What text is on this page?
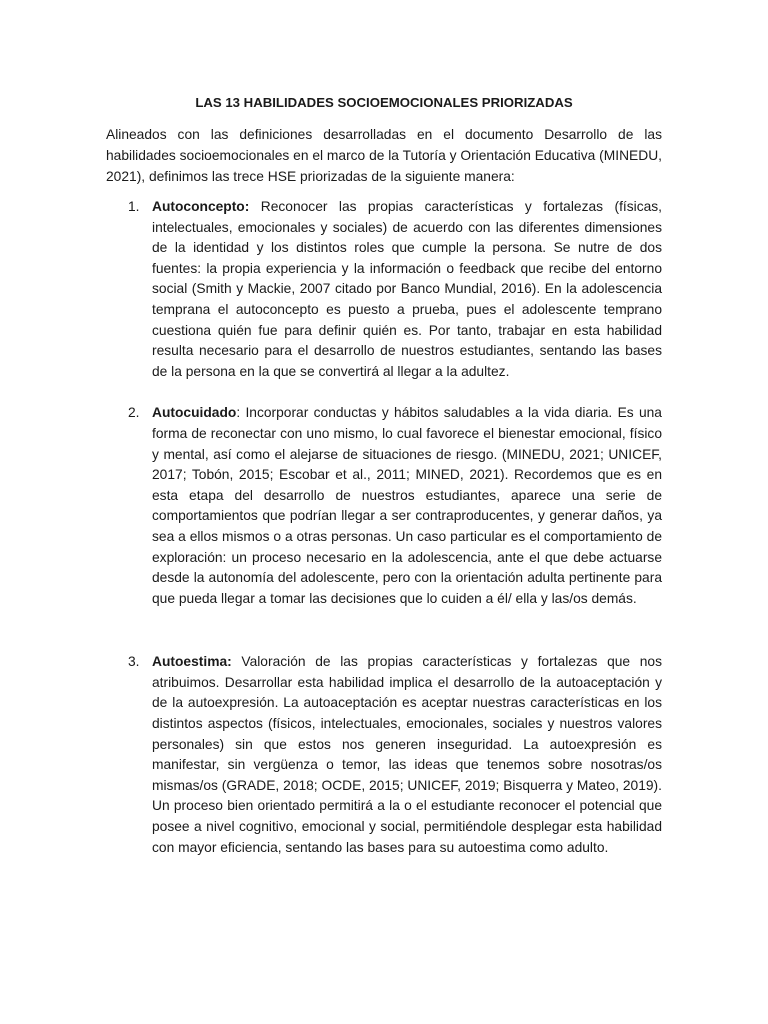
LAS 13 HABILIDADES SOCIOEMOCIONALES PRIORIZADAS

Alineados con las definiciones desarrolladas en el documento Desarrollo de las habilidades socioemocionales en el marco de la Tutoría y Orientación Educativa (MINEDU, 2021), definimos las trece HSE priorizadas de la siguiente manera:

1. Autoconcepto: Reconocer las propias características y fortalezas (físicas, intelectuales, emocionales y sociales) de acuerdo con las diferentes dimensiones de la identidad y los distintos roles que cumple la persona. Se nutre de dos fuentes: la propia experiencia y la información o feedback que recibe del entorno social (Smith y Mackie, 2007 citado por Banco Mundial, 2016). En la adolescencia temprana el autoconcepto es puesto a prueba, pues el adolescente temprano cuestiona quién fue para definir quién es. Por tanto, trabajar en esta habilidad resulta necesario para el desarrollo de nuestros estudiantes, sentando las bases de la persona en la que se convertirá al llegar a la adultez.
2. Autocuidado: Incorporar conductas y hábitos saludables a la vida diaria. Es una forma de reconectar con uno mismo, lo cual favorece el bienestar emocional, físico y mental, así como el alejarse de situaciones de riesgo. (MINEDU, 2021; UNICEF, 2017; Tobón, 2015; Escobar et al., 2011; MINED, 2021). Recordemos que es en esta etapa del desarrollo de nuestros estudiantes, aparece una serie de comportamientos que podrían llegar a ser contraproducentes, y generar daños, ya sea a ellos mismos o a otras personas. Un caso particular es el comportamiento de exploración: un proceso necesario en la adolescencia, ante el que debe actuarse desde la autonomía del adolescente, pero con la orientación adulta pertinente para que pueda llegar a tomar las decisiones que lo cuiden a él/ ella y las/os demás.
3. Autoestima: Valoración de las propias características y fortalezas que nos atribuimos. Desarrollar esta habilidad implica el desarrollo de la autoaceptación y de la autoexpresión. La autoaceptación es aceptar nuestras características en los distintos aspectos (físicos, intelectuales, emocionales, sociales y nuestros valores personales) sin que estos nos generen inseguridad. La autoexpresión es manifestar, sin vergüenza o temor, las ideas que tenemos sobre nosotras/os mismas/os (GRADE, 2018; OCDE, 2015; UNICEF, 2019; Bisquerra y Mateo, 2019). Un proceso bien orientado permitirá a la o el estudiante reconocer el potencial que posee a nivel cognitivo, emocional y social, permitiéndole desplegar esta habilidad con mayor eficiencia, sentando las bases para su autoestima como adulto.
